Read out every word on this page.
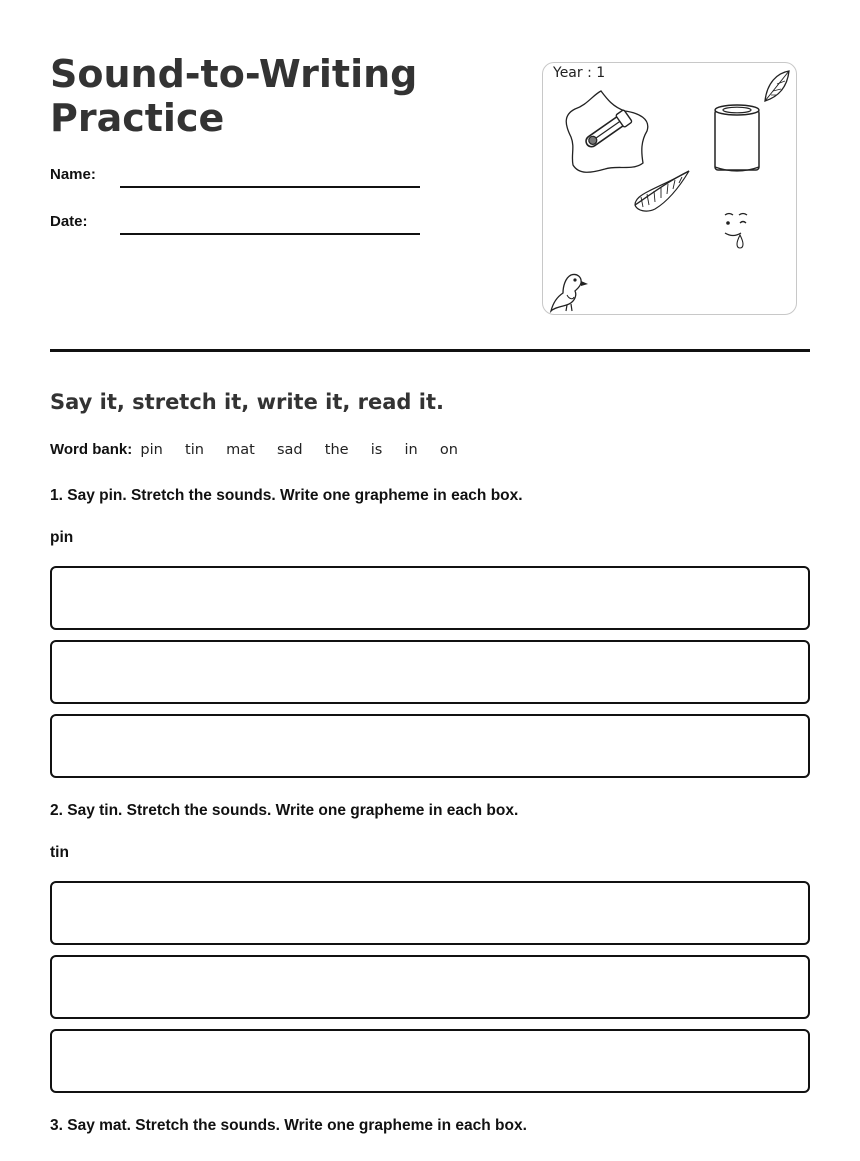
Sound-to-Writing Practice
Name:
Date:
Year : 1
Say it, stretch it, write it, read it.
Word bank: pin tin mat sad the is in on
1. Say pin. Stretch the sounds. Write one grapheme in each box.
pin
2. Say tin. Stretch the sounds. Write one grapheme in each box.
tin
3. Say mat. Stretch the sounds. Write one grapheme in each box.
